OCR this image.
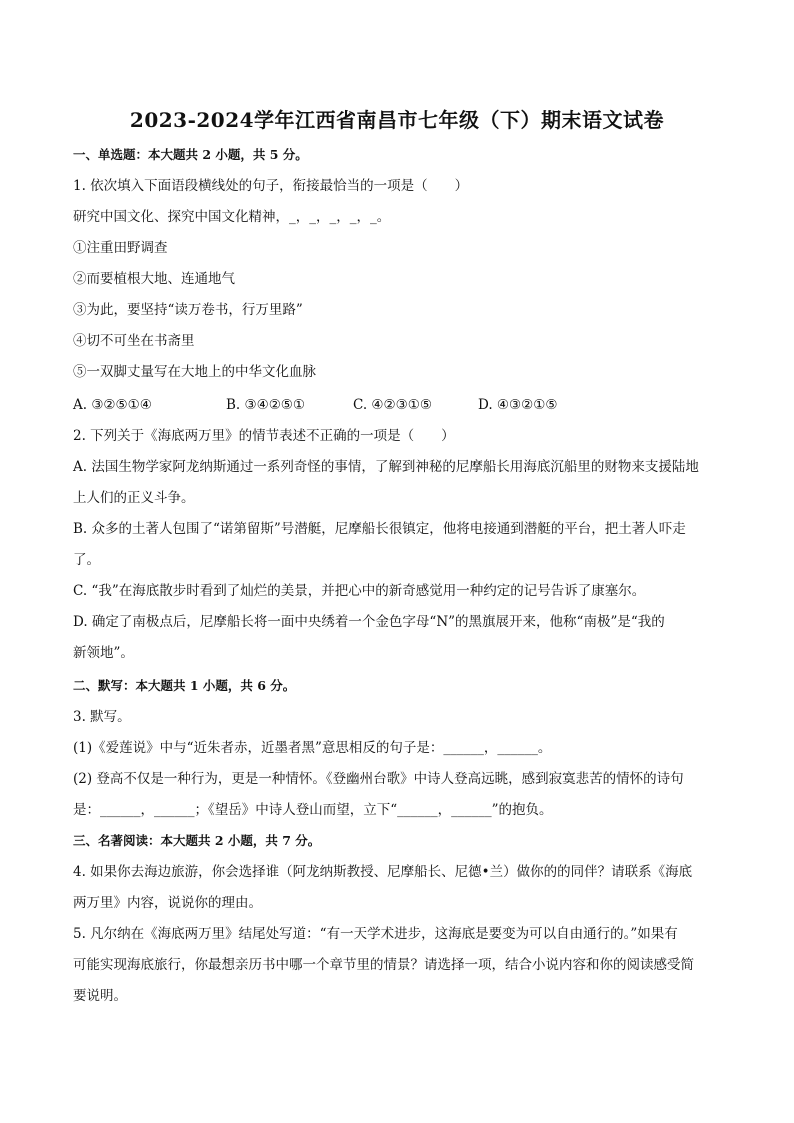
2023-2024学年江西省南昌市七年级（下）期末语文试卷
一、单选题：本大题共 2 小题，共 5 分。
1. 依次填入下面语段横线处的句子，衔接最恰当的一项是（　　）
研究中国文化、探究中国文化精神，_，_，_，_，_。
①注重田野调查
②而要植根大地、连通地气
③为此，要坚持“读万卷书，行万里路”
④切不可坐在书斋里
⑤一双脚丈量写在大地上的中华文化血脉
A. ③②⑤①④	B. ③④②⑤①	C. ④②③①⑤	D. ④③②①⑤
2. 下列关于《海底两万里》的情节表述不正确的一项是（　　）
A. 法国生物学家阿龙纳斯通过一系列奇怪的事情，了解到神秘的尼摩船长用海底沉船里的财物来支援陆地
上人们的正义斗争。
B. 众多的土著人包围了“诺第留斯”号潜艇，尼摩船长很镇定，他将电接通到潜艇的平台，把土著人吓走
了。
C. “我”在海底散步时看到了灿烂的美景，并把心中的新奇感觉用一种约定的记号告诉了康塞尔。
D. 确定了南极点后，尼摩船长将一面中央绣着一个金色字母“N”的黑旗展开来，他称“南极”是“我的
新领地”。
二、默写：本大题共 1 小题，共 6 分。
3. 默写。
(1)《爱莲说》中与“近朱者赤，近墨者黑”意思相反的句子是：______，______。
(2) 登高不仅是一种行为，更是一种情怀。《登幽州台歌》中诗人登高远眺，感到寂寞悲苦的情怀的诗句
是：______，______；《望岳》中诗人登山而望，立下“______，______”的抱负。
三、名著阅读：本大题共 2 小题，共 7 分。
4. 如果你去海边旅游，你会选择谁（阿龙纳斯教授、尼摩船长、尼德•兰）做你的的同伴？请联系《海底
两万里》内容，说说你的理由。
5. 凡尔纳在《海底两万里》结尾处写道：“有一天学术进步，这海底是要变为可以自由通行的。”如果有
可能实现海底旅行，你最想亲历书中哪一个章节里的情景？请选择一项，结合小说内容和你的阅读感受简
要说明。
